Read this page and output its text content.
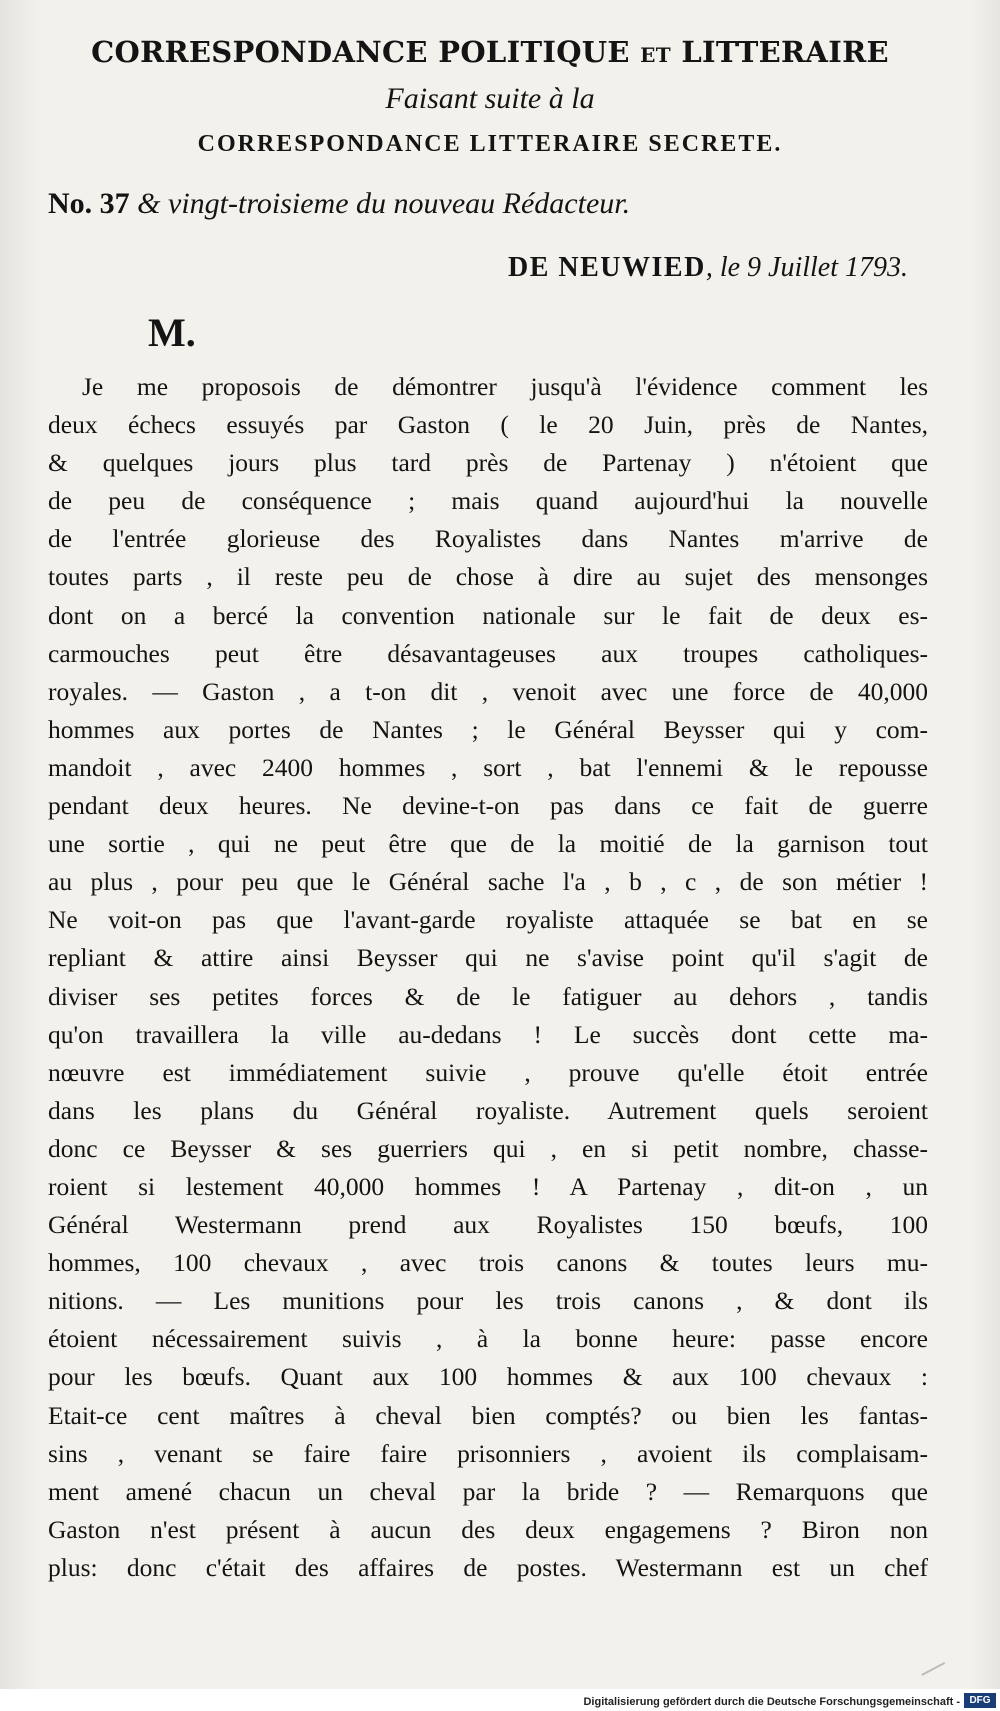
CORRESPONDANCE POLITIQUE ET LITTERAIRE
Faisant suite à la
CORRESPONDANCE LITTERAIRE SECRETE.
No. 37 & vingt-troisieme du nouveau Rédacteur.
DE NEUWIED, le 9 Juillet 1793.
M.
Je me proposois de démontrer jusqu'à l'évidence comment les
deux échecs essuyés par Gaston ( le 20 Juin, près de Nantes,
& quelques jours plus tard près de Partenay ) n'étoient que
de peu de conséquence ; mais quand aujourd'hui la nouvelle
de l'entrée glorieuse des Royalistes dans Nantes m'arrive de
toutes parts , il reste peu de chose à dire au sujet des mensonges
dont on a bercé la convention nationale sur le fait de deux es-
carmouches peut être désavantageuses aux troupes catholiques-
royales. — Gaston , a t-on dit , venoit avec une force de 40,000
hommes aux portes de Nantes ; le Général Beysser qui y com-
mandoit , avec 2400 hommes , sort , bat l'ennemi & le repousse
pendant deux heures. Ne devine-t-on pas dans ce fait de guerre
une sortie , qui ne peut être que de la moitié de la garnison tout
au plus , pour peu que le Général sache l'a , b , c , de son métier !
Ne voit-on pas que l'avant-garde royaliste attaquée se bat en se
repliant & attire ainsi Beysser qui ne s'avise point qu'il s'agit de
diviser ses petites forces & de le fatiguer au dehors , tandis
qu'on travaillera la ville au-dedans ! Le succès dont cette ma-
nœuvre est immédiatement suivie , prouve qu'elle étoit entrée
dans les plans du Général royaliste. Autrement quels seroient
donc ce Beysser & ses guerriers qui , en si petit nombre, chasse-
roient si lestement 40,000 hommes ! A Partenay , dit-on , un
Général Westermann prend aux Royalistes 150 bœufs, 100
hommes, 100 chevaux , avec trois canons & toutes leurs mu-
nitions. — Les munitions pour les trois canons , & dont ils
étoient nécessairement suivis , à la bonne heure: passe encore
pour les bœufs. Quant aux 100 hommes & aux 100 chevaux :
Etait-ce cent maîtres à cheval bien comptés? ou bien les fantas-
sins , venant se faire faire prisonniers , avoient ils complaisam-
ment amené chacun un cheval par la bride ? — Remarquons que
Gaston n'est présent à aucun des deux engagemens ? Biron non
plus: donc c'était des affaires de postes. Westermann est un chef
Digitalisierung gefördert durch die Deutsche Forschungsgemeinschaft - DFG
